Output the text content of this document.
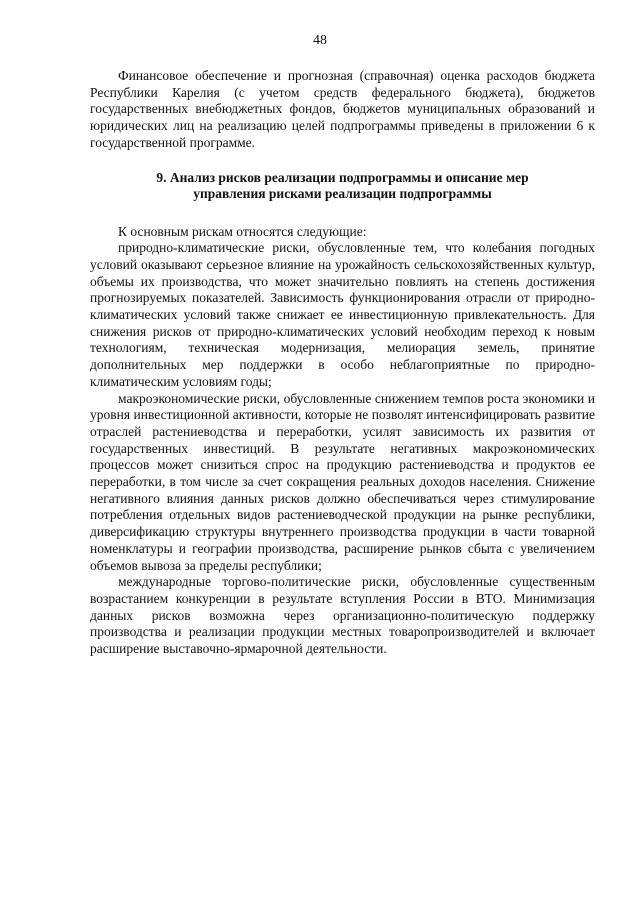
48

Финансовое обеспечение и прогнозная (справочная) оценка расходов бюджета Республики Карелия (с учетом средств федерального бюджета), бюджетов государственных внебюджетных фондов, бюджетов муниципальных образований и юридических лиц на реализацию целей подпрограммы приведены в приложении 6 к государственной программе.

9. Анализ рисков реализации подпрограммы и описание мер
управления рисками реализации подпрограммы

К основным рискам относятся следующие:

природно-климатические риски, обусловленные тем, что колебания погодных условий оказывают серьезное влияние на урожайность сельскохозяйственных культур, объемы их производства, что может значительно повлиять на степень достижения прогнозируемых показателей. Зависимость функционирования отрасли от природно-климатических условий также снижает ее инвестиционную привлекательность. Для снижения рисков от природно-климатических условий необходим переход к новым технологиям, техническая модернизация, мелиорация земель, принятие дополнительных мер поддержки в особо неблагоприятные по природно-климатическим условиям годы;

макроэкономические риски, обусловленные снижением темпов роста экономики и уровня инвестиционной активности, которые не позволят интенсифицировать развитие отраслей растениеводства и переработки, усилят зависимость их развития от государственных инвестиций. В результате негативных макроэкономических процессов может снизиться спрос на продукцию растениеводства и продуктов ее переработки, в том числе за счет сокращения реальных доходов населения. Снижение негативного влияния данных рисков должно обеспечиваться через стимулирование потребления отдельных видов растениеводческой продукции на рынке республики, диверсификацию структуры внутреннего производства продукции в части товарной номенклатуры и географии производства, расширение рынков сбыта с увеличением объемов вывоза за пределы республики;

международные торгово-политические риски, обусловленные существенным возрастанием конкуренции в результате вступления России в ВТО. Минимизация данных рисков возможна через организационно-политическую поддержку производства и реализации продукции местных товаропроизводителей и включает расширение выставочно-ярмарочной деятельности.
